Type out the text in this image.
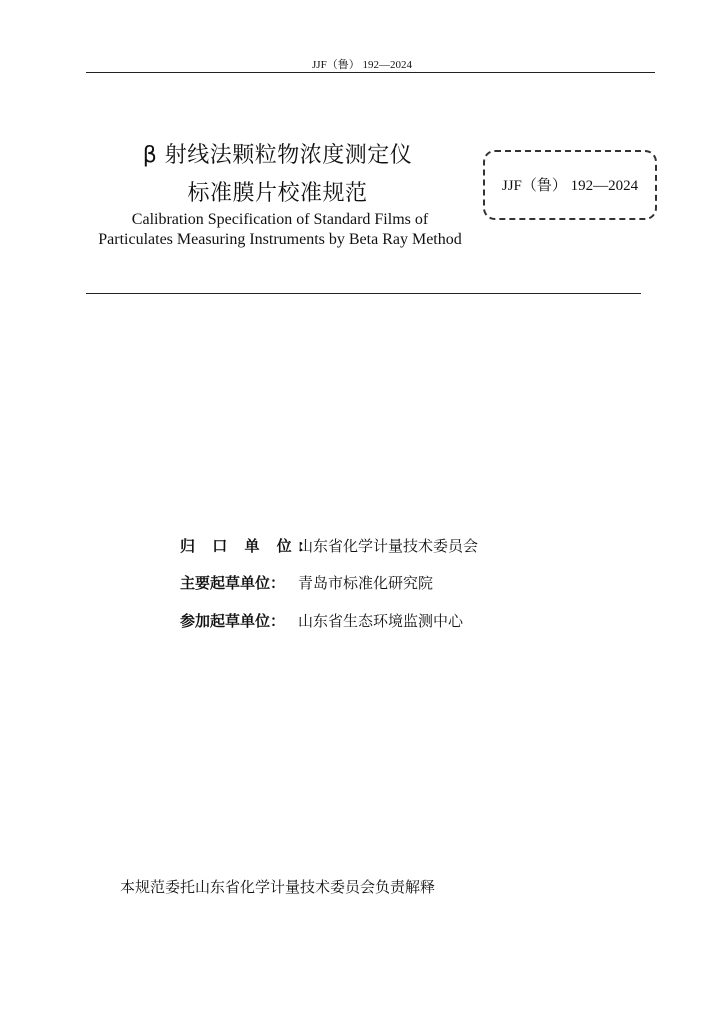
JJF（鲁） 192—2024
β 射线法颗粒物浓度测定仪
标准膜片校准规范
Calibration Specification of Standard Films of
Particulates Measuring Instruments by Beta Ray Method
JJF（鲁） 192—2024
归 口 单 位：山东省化学计量技术委员会
主要起草单位： 青岛市标准化研究院
参加起草单位： 山东省生态环境监测中心
本规范委托山东省化学计量技术委员会负责解释
